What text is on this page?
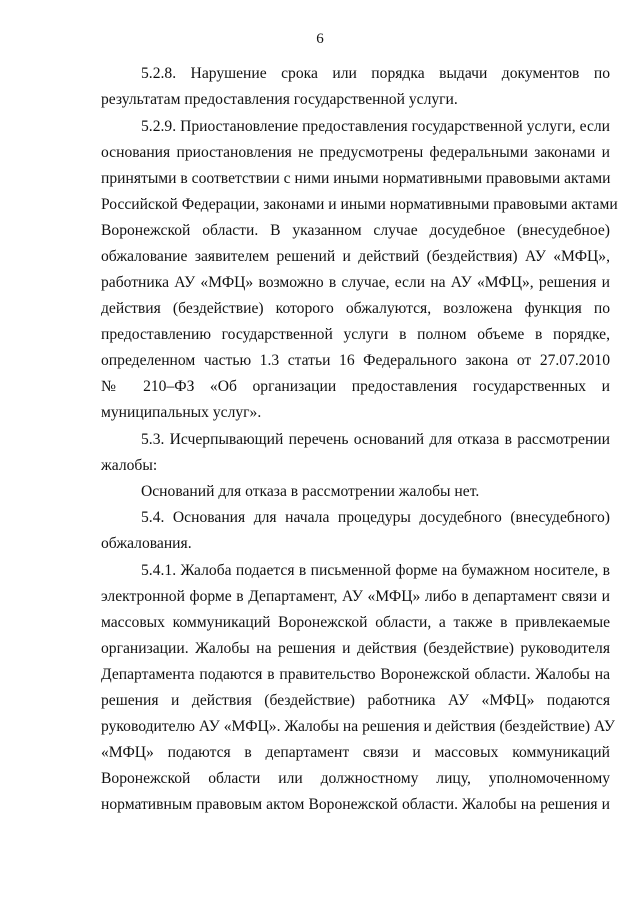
6
5.2.8. Нарушение срока или порядка выдачи документов по
результатам предоставления государственной услуги.
5.2.9. Приостановление предоставления государственной услуги, если
основания приостановления не предусмотрены федеральными законами и
принятыми в соответствии с ними иными нормативными правовыми актами
Российской Федерации, законами и иными нормативными правовыми актами
Воронежской области. В указанном случае досудебное (внесудебное)
обжалование заявителем решений и действий (бездействия) АУ «МФЦ»,
работника АУ «МФЦ» возможно в случае, если на АУ «МФЦ», решения и
действия (бездействие) которого обжалуются, возложена функция по
предоставлению государственной услуги в полном объеме в порядке,
определенном частью 1.3 статьи 16 Федерального закона от 27.07.2010
№ 210–ФЗ «Об организации предоставления государственных и
муниципальных услуг».
5.3. Исчерпывающий перечень оснований для отказа в рассмотрении
жалобы:
Оснований для отказа в рассмотрении жалобы нет.
5.4. Основания для начала процедуры досудебного (внесудебного)
обжалования.
5.4.1. Жалоба подается в письменной форме на бумажном носителе, в
электронной форме в Департамент, АУ «МФЦ» либо в департамент связи и
массовых коммуникаций Воронежской области, а также в привлекаемые
организации. Жалобы на решения и действия (бездействие) руководителя
Департамента подаются в правительство Воронежской области. Жалобы на
решения и действия (бездействие) работника АУ «МФЦ» подаются
руководителю АУ «МФЦ». Жалобы на решения и действия (бездействие) АУ
«МФЦ» подаются в департамент связи и массовых коммуникаций
Воронежской области или должностному лицу, уполномоченному
нормативным правовым актом Воронежской области. Жалобы на решения и
